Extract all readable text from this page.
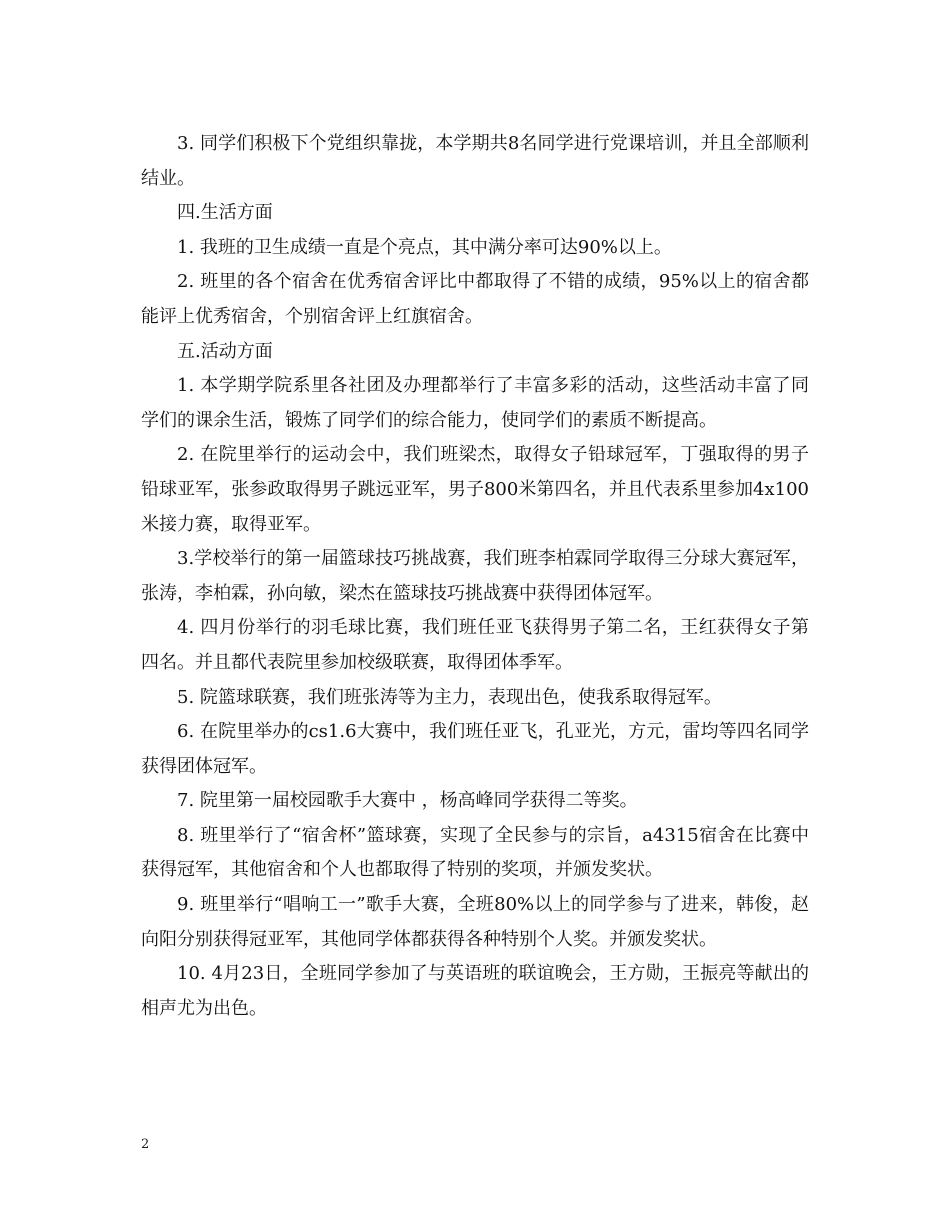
3. 同学们积极下个党组织靠拢，本学期共8名同学进行党课培训，并且全部顺利结业。

四.生活方面

1. 我班的卫生成绩一直是个亮点，其中满分率可达90%以上。

2. 班里的各个宿舍在优秀宿舍评比中都取得了不错的成绩，95%以上的宿舍都能评上优秀宿舍，个别宿舍评上红旗宿舍。

五.活动方面

1. 本学期学院系里各社团及办理都举行了丰富多彩的活动，这些活动丰富了同学们的课余生活，锻炼了同学们的综合能力，使同学们的素质不断提高。

2. 在院里举行的运动会中，我们班梁杰，取得女子铅球冠军，丁强取得的男子铅球亚军，张参政取得男子跳远亚军，男子800米第四名，并且代表系里参加4x100米接力赛，取得亚军。

3.学校举行的第一届篮球技巧挑战赛，我们班李柏霖同学取得三分球大赛冠军，张涛，李柏霖，孙向敏，梁杰在篮球技巧挑战赛中获得团体冠军。

4. 四月份举行的羽毛球比赛，我们班任亚飞获得男子第二名，王红获得女子第四名。并且都代表院里参加校级联赛，取得团体季军。

5. 院篮球联赛，我们班张涛等为主力，表现出色，使我系取得冠军。

6. 在院里举办的cs1.6大赛中，我们班任亚飞，孔亚光，方元，雷均等四名同学获得团体冠军。

7. 院里第一届校园歌手大赛中 ，杨高峰同学获得二等奖。

8. 班里举行了“宿舍杯”篮球赛，实现了全民参与的宗旨，a4315宿舍在比赛中获得冠军，其他宿舍和个人也都取得了特别的奖项，并颁发奖状。

9. 班里举行“唱响工一”歌手大赛，全班80%以上的同学参与了进来，韩俊，赵向阳分别获得冠亚军，其他同学体都获得各种特别个人奖。并颁发奖状。

10. 4月23日，全班同学参加了与英语班的联谊晚会，王方勋，王振亮等献出的相声尤为出色。

2
